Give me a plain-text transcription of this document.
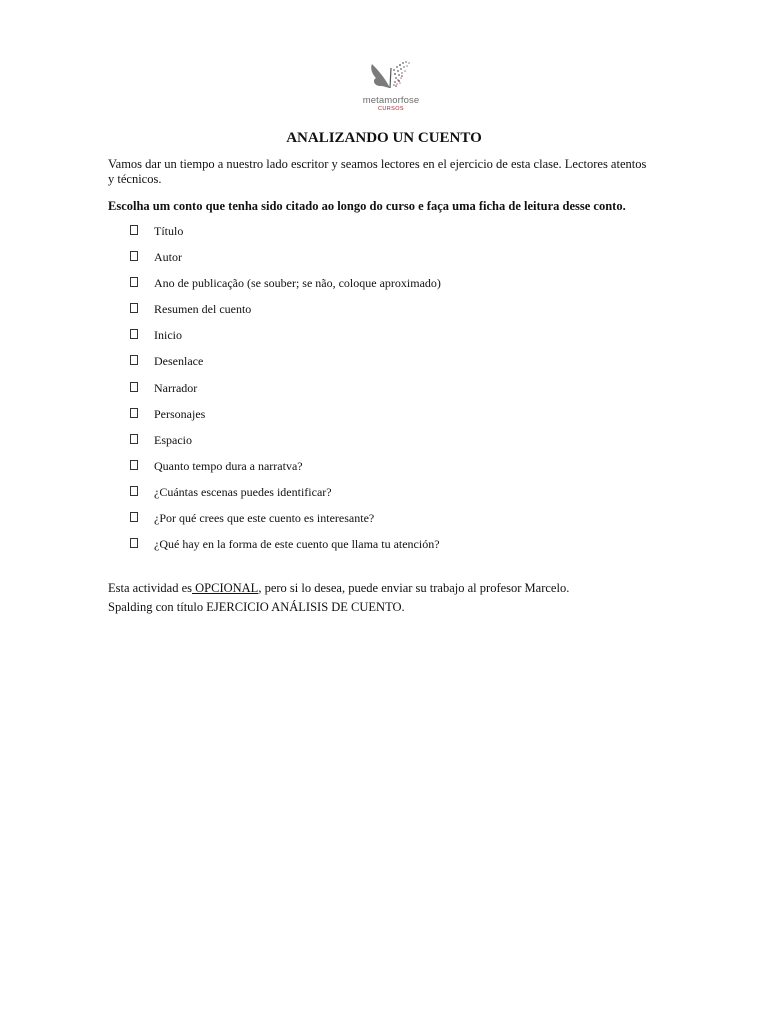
metamorfose
CURSOS
ANALIZANDO UN CUENTO

Vamos dar un tiempo a nuestro lado escritor y seamos lectores en el ejercicio de esta clase. Lectores atentos y técnicos.

Escolha um conto que tenha sido citado ao longo do curso e faça uma ficha de leitura desse conto.

Título
Autor
Ano de publicação (se souber; se não, coloque aproximado)
Resumen del cuento
Inicio
Desenlace
Narrador
Personajes
Espacio
Quanto tempo dura a narratva?
¿Cuántas escenas puedes identificar?
¿Por qué crees que este cuento es interesante?
¿Qué hay en la forma de este cuento que llama tu atención?

Esta actividad es OPCIONAL, pero si lo desea, puede enviar su trabajo al profesor Marcelo.
Spalding con título EJERCICIO ANÁLISIS DE CUENTO.
